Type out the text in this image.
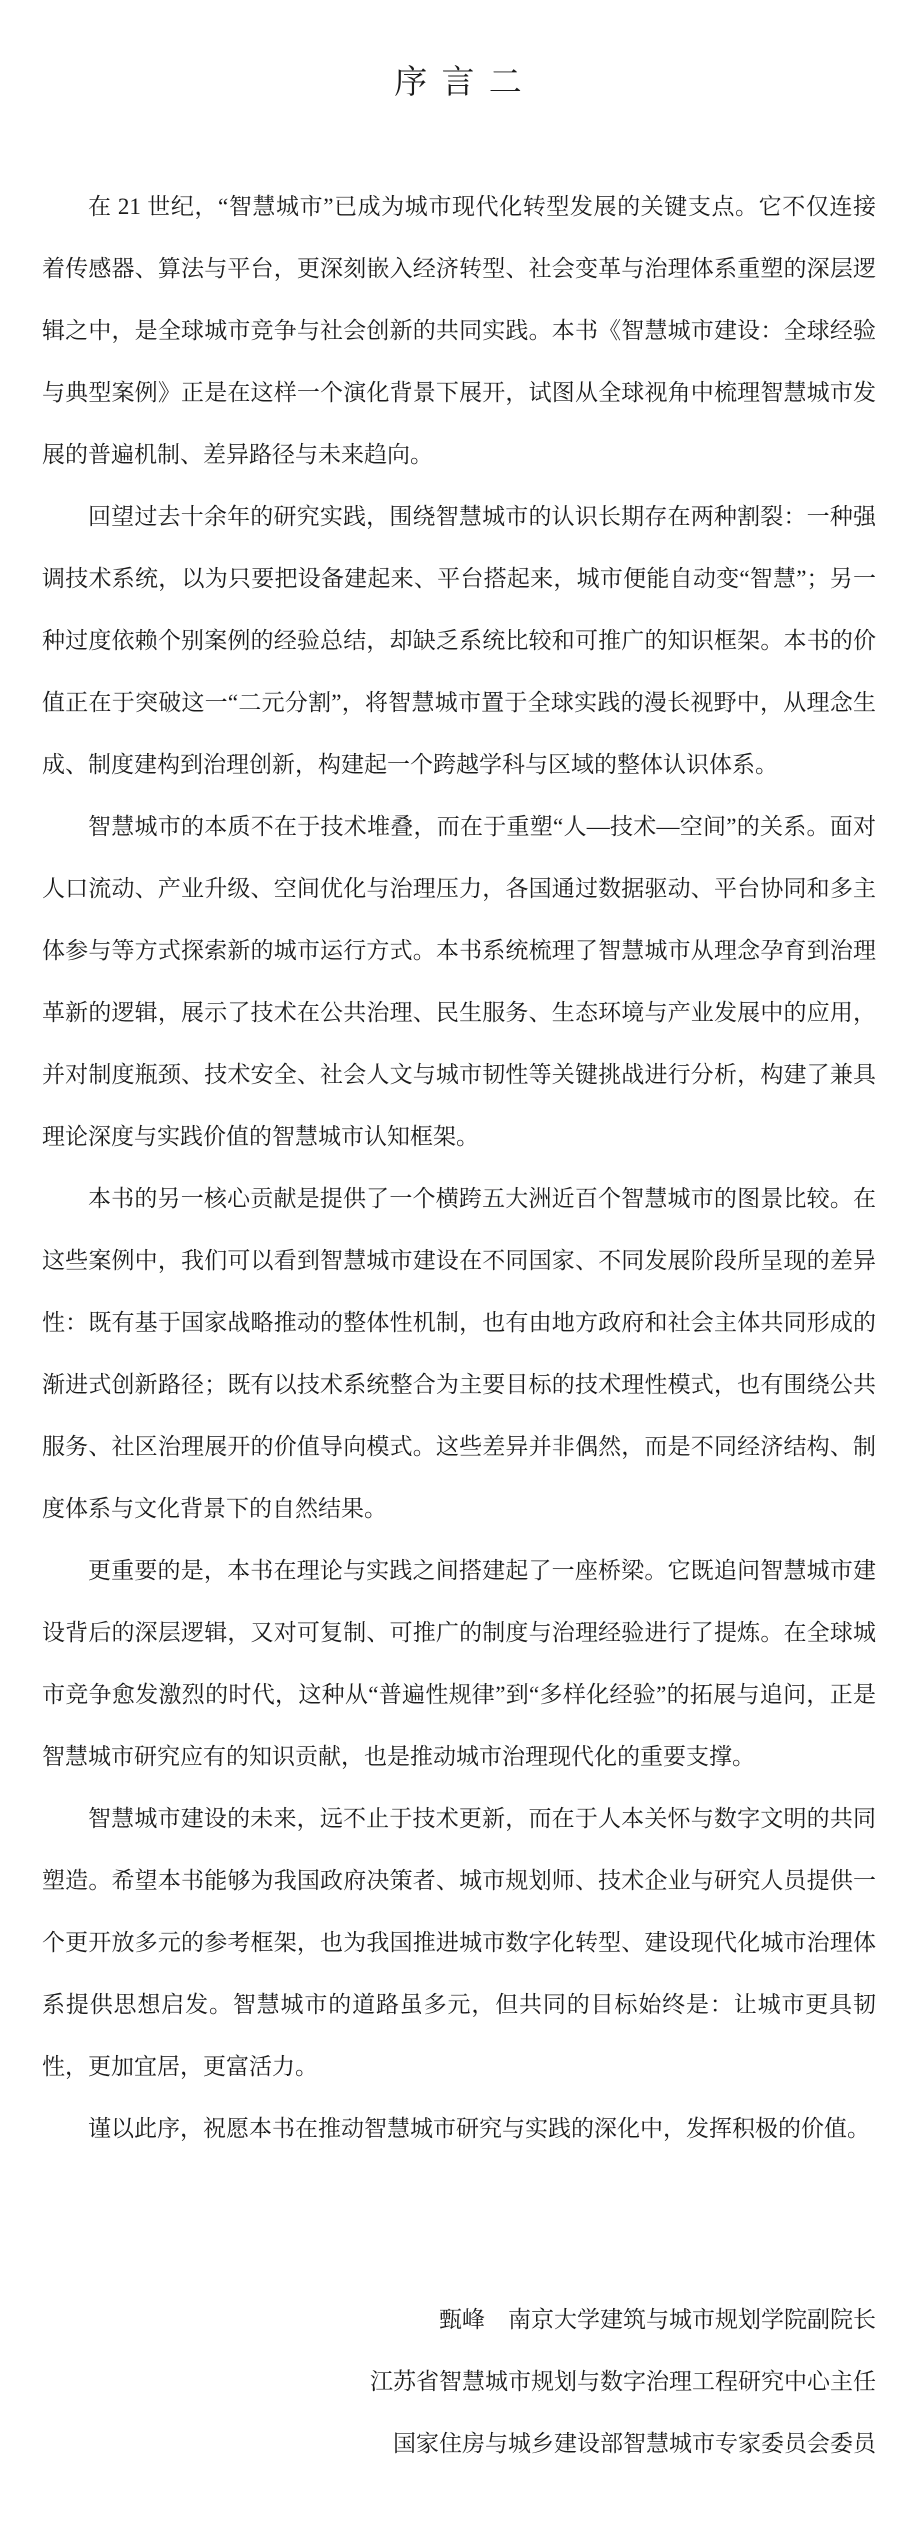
序 言 二

在 21 世纪，“智慧城市”已成为城市现代化转型发展的关键支点。它不仅连接着传感器、算法与平台，更深刻嵌入经济转型、社会变革与治理体系重塑的深层逻辑之中，是全球城市竞争与社会创新的共同实践。本书《智慧城市建设：全球经验与典型案例》正是在这样一个演化背景下展开，试图从全球视角中梳理智慧城市发展的普遍机制、差异路径与未来趋向。

回望过去十余年的研究实践，围绕智慧城市的认识长期存在两种割裂：一种强调技术系统，以为只要把设备建起来、平台搭起来，城市便能自动变“智慧”；另一种过度依赖个别案例的经验总结，却缺乏系统比较和可推广的知识框架。本书的价值正在于突破这一“二元分割”，将智慧城市置于全球实践的漫长视野中，从理念生成、制度建构到治理创新，构建起一个跨越学科与区域的整体认识体系。

智慧城市的本质不在于技术堆叠，而在于重塑“人—技术—空间”的关系。面对人口流动、产业升级、空间优化与治理压力，各国通过数据驱动、平台协同和多主体参与等方式探索新的城市运行方式。本书系统梳理了智慧城市从理念孕育到治理革新的逻辑，展示了技术在公共治理、民生服务、生态环境与产业发展中的应用，并对制度瓶颈、技术安全、社会人文与城市韧性等关键挑战进行分析，构建了兼具理论深度与实践价值的智慧城市认知框架。

本书的另一核心贡献是提供了一个横跨五大洲近百个智慧城市的图景比较。在这些案例中，我们可以看到智慧城市建设在不同国家、不同发展阶段所呈现的差异性：既有基于国家战略推动的整体性机制，也有由地方政府和社会主体共同形成的渐进式创新路径；既有以技术系统整合为主要目标的技术理性模式，也有围绕公共服务、社区治理展开的价值导向模式。这些差异并非偶然，而是不同经济结构、制度体系与文化背景下的自然结果。

更重要的是，本书在理论与实践之间搭建起了一座桥梁。它既追问智慧城市建设背后的深层逻辑，又对可复制、可推广的制度与治理经验进行了提炼。在全球城市竞争愈发激烈的时代，这种从“普遍性规律”到“多样化经验”的拓展与追问，正是智慧城市研究应有的知识贡献，也是推动城市治理现代化的重要支撑。

智慧城市建设的未来，远不止于技术更新，而在于人本关怀与数字文明的共同塑造。希望本书能够为我国政府决策者、城市规划师、技术企业与研究人员提供一个更开放多元的参考框架，也为我国推进城市数字化转型、建设现代化城市治理体系提供思想启发。智慧城市的道路虽多元，但共同的目标始终是：让城市更具韧性，更加宜居，更富活力。

谨以此序，祝愿本书在推动智慧城市研究与实践的深化中，发挥积极的价值。

甄峰　南京大学建筑与城市规划学院副院长
江苏省智慧城市规划与数字治理工程研究中心主任
国家住房与城乡建设部智慧城市专家委员会委员
